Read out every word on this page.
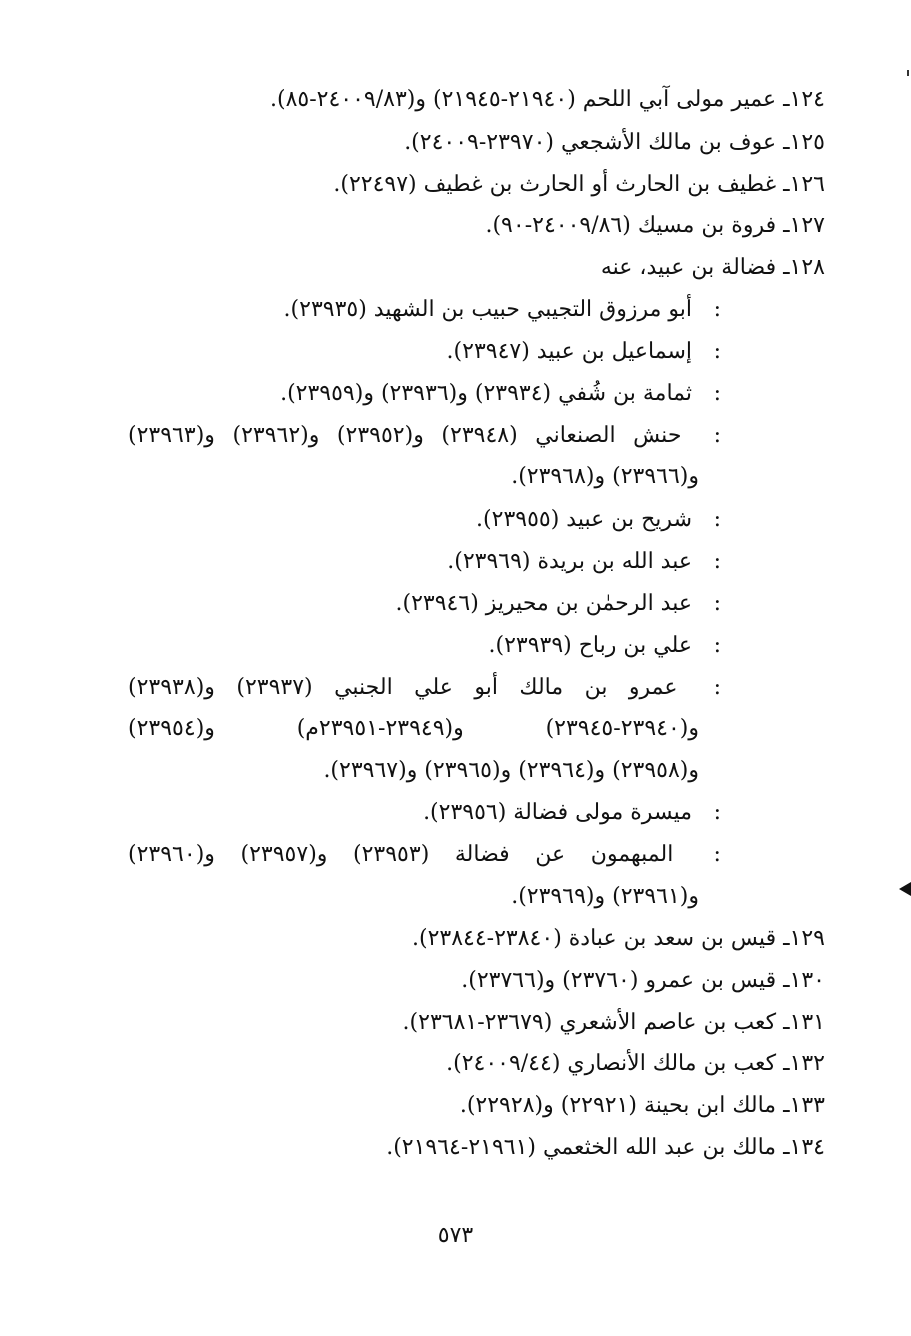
١٢٤ـ عمير مولى آبي اللحم (٢١٩٤٠-٢١٩٤٥) و(٢٤٠٠٩/٨٣-٨٥).
١٢٥ـ عوف بن مالك الأشجعي (٢٣٩٧٠-٢٤٠٠٩).
١٢٦ـ غطيف بن الحارث أو الحارث بن غطيف (٢٢٤٩٧).
١٢٧ـ فروة بن مسيك (٢٤٠٠٩/٨٦-٩٠).
١٢٨ـ فضالة بن عبيد، عنه
: أبو مرزوق التجيبي حبيب بن الشهيد (٢٣٩٣٥).
: إسماعيل بن عبيد (٢٣٩٤٧).
: ثمامة بن شُفي (٢٣٩٣٤) و(٢٣٩٣٦) و(٢٣٩٥٩).
: حنش الصنعاني (٢٣٩٤٨) و(٢٣٩٥٢) و(٢٣٩٦٢) و(٢٣٩٦٣)
و(٢٣٩٦٦) و(٢٣٩٦٨).
: شريح بن عبيد (٢٣٩٥٥).
: عبد الله بن بريدة (٢٣٩٦٩).
: عبد الرحمٰن بن محيريز (٢٣٩٤٦).
: علي بن رباح (٢٣٩٣٩).
: عمرو بن مالك أبو علي الجنبي (٢٣٩٣٧) و(٢٣٩٣٨)
و(٢٣٩٤٠-٢٣٩٤٥) و(٢٣٩٤٩-٢٣٩٥١م) و(٢٣٩٥٤)
و(٢٣٩٥٨) و(٢٣٩٦٤) و(٢٣٩٦٥) و(٢٣٩٦٧).
: ميسرة مولى فضالة (٢٣٩٥٦).
: المبهمون عن فضالة (٢٣٩٥٣) و(٢٣٩٥٧) و(٢٣٩٦٠)
و(٢٣٩٦١) و(٢٣٩٦٩).
١٢٩ـ قيس بن سعد بن عبادة (٢٣٨٤٠-٢٣٨٤٤).
١٣٠ـ قيس بن عمرو (٢٣٧٦٠) و(٢٣٧٦٦).
١٣١ـ كعب بن عاصم الأشعري (٢٣٦٧٩-٢٣٦٨١).
١٣٢ـ كعب بن مالك الأنصاري (٢٤٠٠٩/٤٤).
١٣٣ـ مالك ابن بحينة (٢٢٩٢١) و(٢٢٩٢٨).
١٣٤ـ مالك بن عبد الله الخثعمي (٢١٩٦١-٢١٩٦٤).
٥٧٣
